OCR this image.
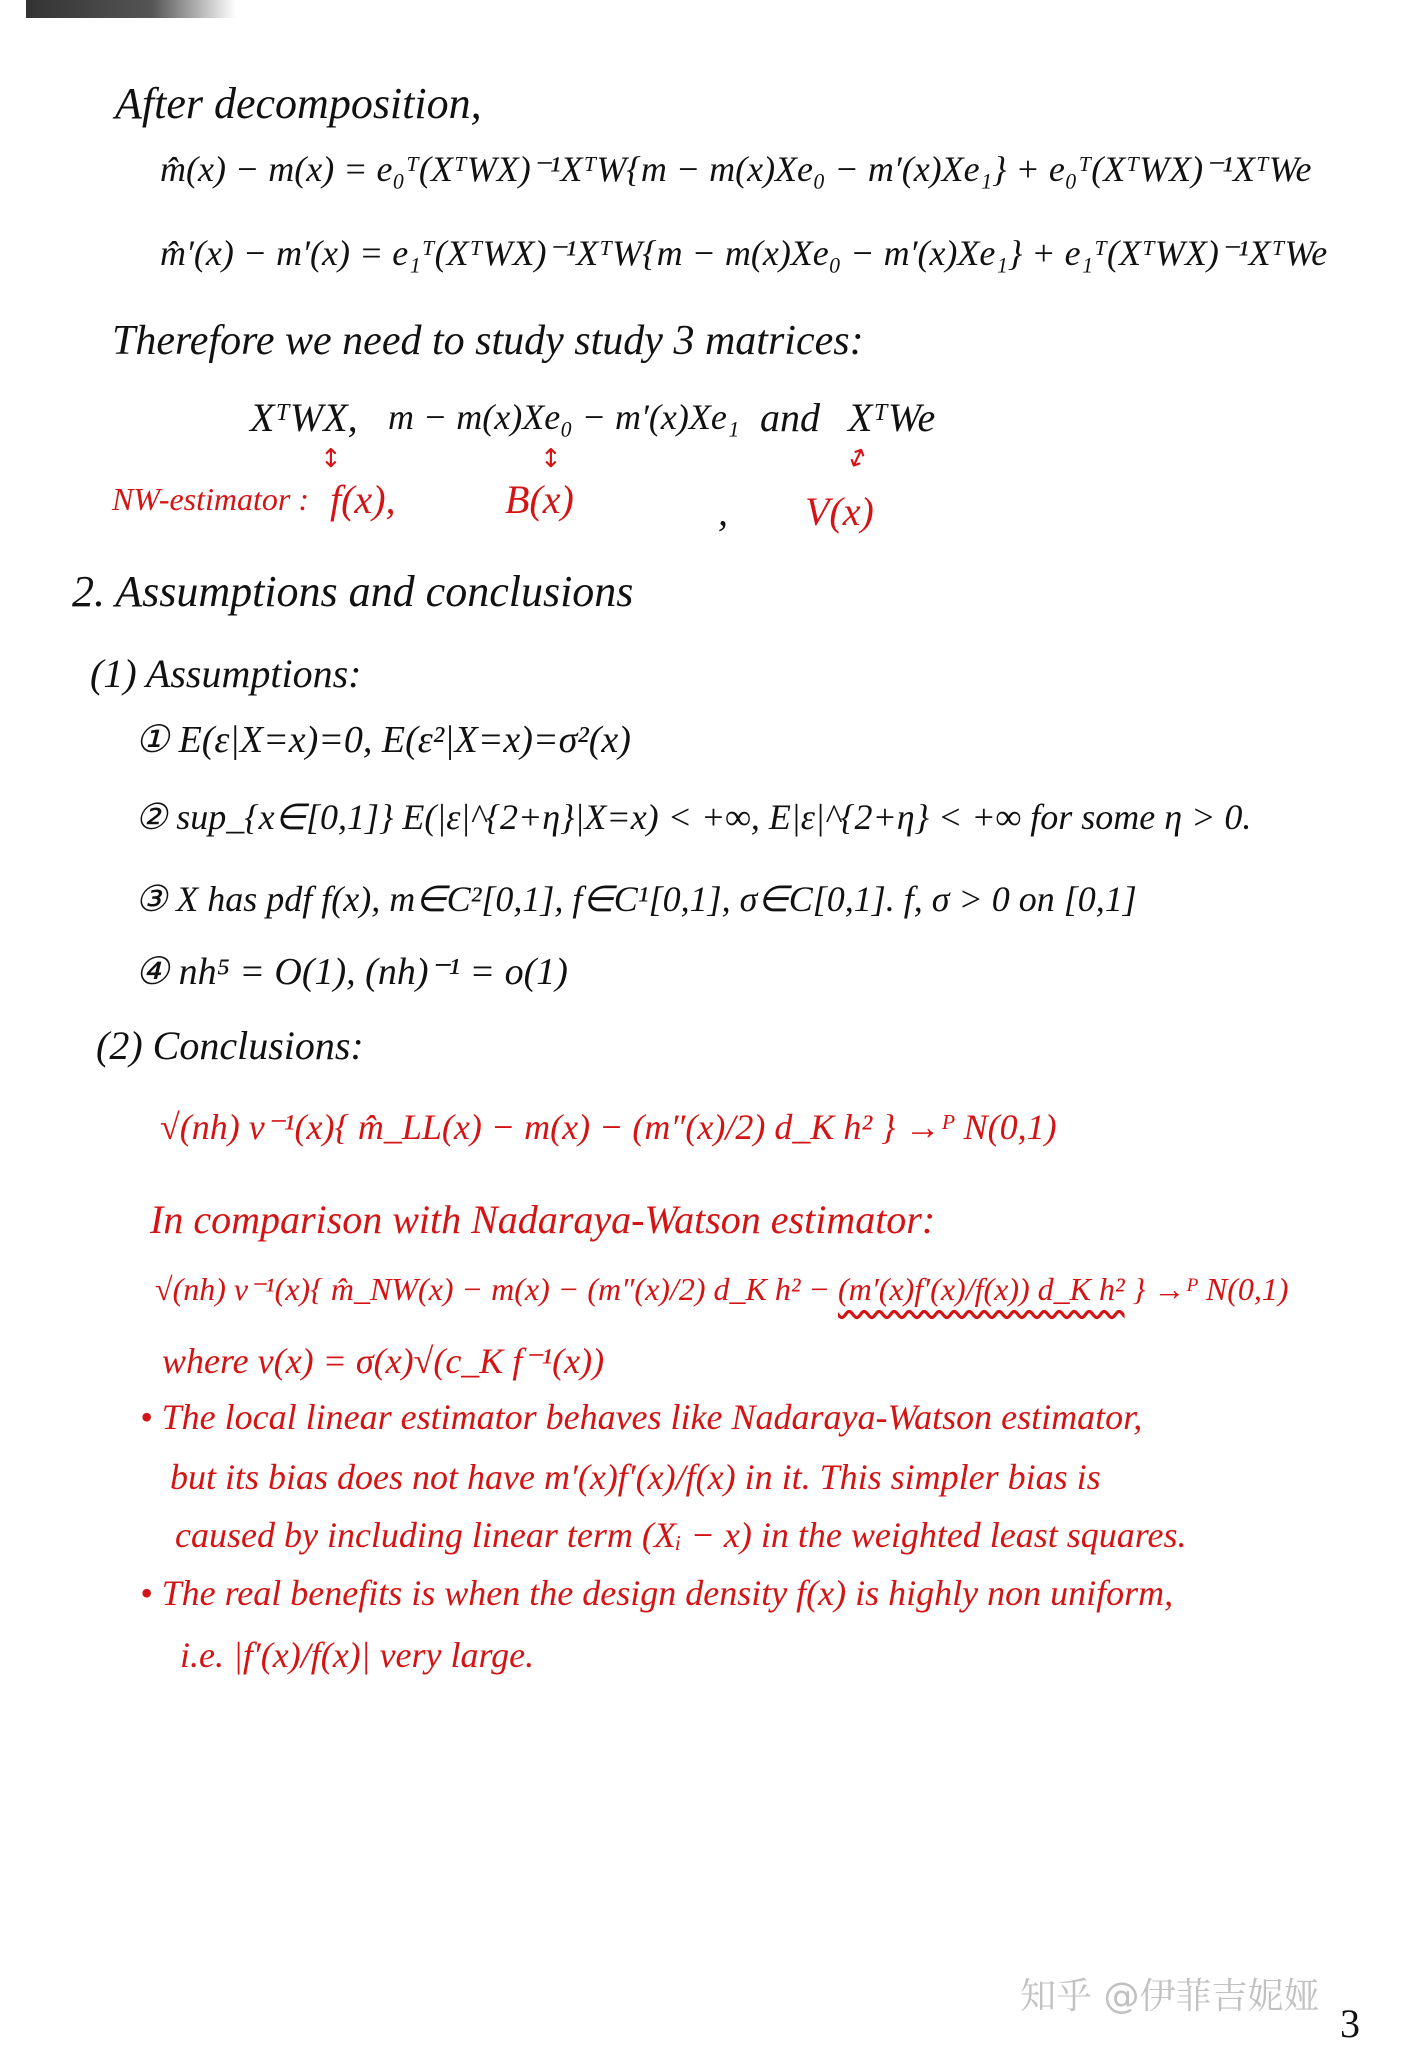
After decomposition,
m̂(x) − m(x) = e₀ᵀ(XᵀWX)⁻¹XᵀW{m − m(x)Xe₀ − m′(x)Xe₁} + e₀ᵀ(XᵀWX)⁻¹XᵀWe
m̂′(x) − m′(x) = e₁ᵀ(XᵀWX)⁻¹XᵀW{m − m(x)Xe₀ − m′(x)Xe₁} + e₁ᵀ(XᵀWX)⁻¹XᵀWe
Therefore we need to study study 3 matrices:
XᵀWX, m − m(x)Xe₀ − m′(x)Xe₁ and XᵀWe
↕	↕	↕
NW-estimator : f(x),	B(x)	, V(x)
2. Assumptions and conclusions
(1) Assumptions:
① E(ε|X=x)=0, E(ε²|X=x)=σ²(x)
② sup_{x∈[0,1]} E(|ε|^{2+η}|X=x) < +∞, E|ε|^{2+η} < +∞ for some η > 0.
③ X has pdf f(x), m∈C²[0,1], f∈C¹[0,1], σ∈C[0,1]. f, σ > 0 on [0,1]
④ nh⁵ = O(1), (nh)⁻¹ = o(1)
(2) Conclusions:
√(nh) v⁻¹(x){ m̂_LL(x) − m(x) − (m″(x)/2) d_K h² } →ᴾ N(0,1)
In comparison with Nadaraya-Watson estimator:
√(nh) v⁻¹(x){ m̂_NW(x) − m(x) − (m″(x)/2) d_K h² − (m′(x)f′(x)/f(x)) d_K h² } →ᴾ N(0,1)
where v(x) = σ(x)√(c_K f⁻¹(x))
• The local linear estimator behaves like Nadaraya-Watson estimator,
but its bias does not have m′(x)f′(x)/f(x) in it. This simpler bias is
caused by including linear term (Xᵢ − x) in the weighted least squares.
• The real benefits is when the design density f(x) is highly non uniform,
i.e. |f′(x)/f(x)| very large.
知乎 @伊菲吉妮娅
3
